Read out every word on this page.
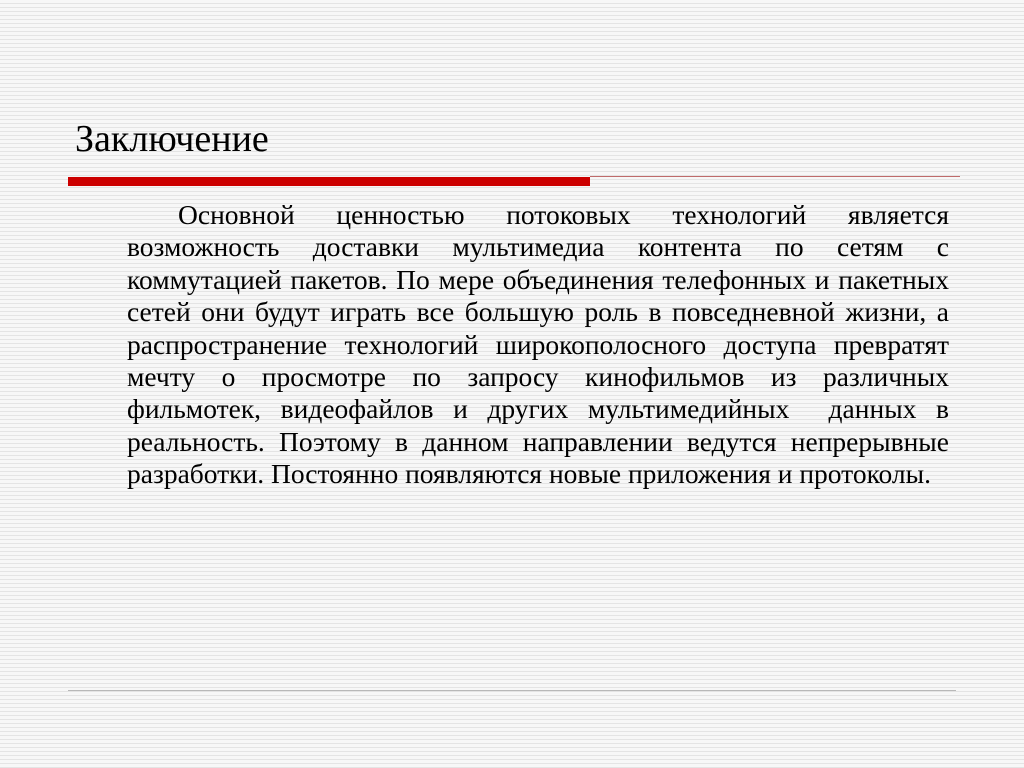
Заключение

Основной ценностью потоковых технологий является возможность доставки мультимедиа контента по сетям с коммутацией пакетов. По мере объединения телефонных и пакетных сетей они будут играть все большую роль в повседневной жизни, а распространение технологий широкополосного доступа превратят мечту о просмотре по запросу кинофильмов из различных фильмотек, видеофайлов и других мультимедийных  данных в реальность. Поэтому в данном направлении ведутся непрерывные разработки. Постоянно появляются новые приложения и протоколы.
